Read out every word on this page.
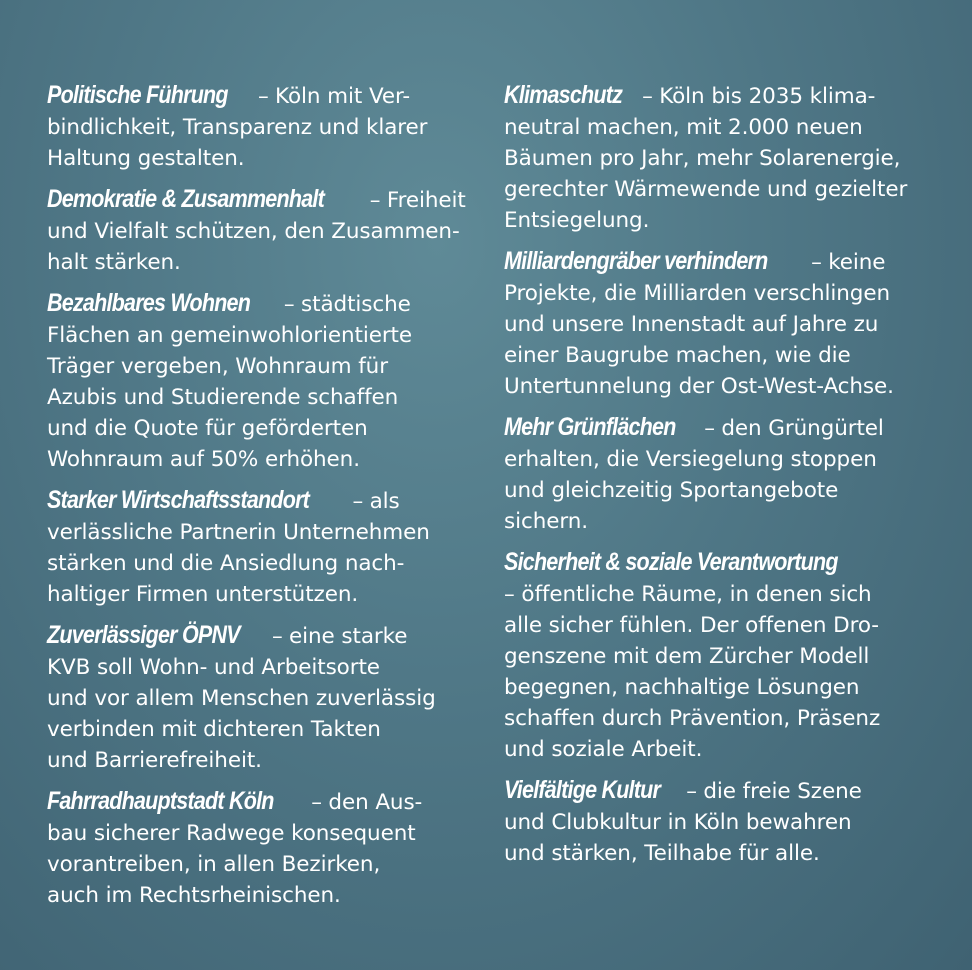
Politische Führung – Köln mit Ver-
bindlichkeit, Transparenz und klarer
Haltung gestalten.
Demokratie & Zusammenhalt – Freiheit
und Vielfalt schützen, den Zusammen-
halt stärken.
Bezahlbares Wohnen – städtische
Flächen an gemeinwohlorientierte
Träger vergeben, Wohnraum für
Azubis und Studierende schaffen
und die Quote für geförderten
Wohnraum auf 50% erhöhen.
Starker Wirtschaftsstandort – als
verlässliche Partnerin Unternehmen
stärken und die Ansiedlung nach-
haltiger Firmen unterstützen.
Zuverlässiger ÖPNV – eine starke
KVB soll Wohn- und Arbeitsorte
und vor allem Menschen zuverlässig
verbinden mit dichteren Takten
und Barrierefreiheit.
Fahrradhauptstadt Köln – den Aus-
bau sicherer Radwege konsequent
vorantreiben, in allen Bezirken,
auch im Rechtsrheinischen.
Klimaschutz – Köln bis 2035 klima-
neutral machen, mit 2.000 neuen
Bäumen pro Jahr, mehr Solarenergie,
gerechter Wärmewende und gezielter
Entsiegelung.
Milliardengräber verhindern – keine
Projekte, die Milliarden verschlingen
und unsere Innenstadt auf Jahre zu
einer Baugrube machen, wie die
Untertunnelung der Ost-West-Achse.
Mehr Grünflächen – den Grüngürtel
erhalten, die Versiegelung stoppen
und gleichzeitig Sportangebote
sichern.
Sicherheit & soziale Verantwortung
– öffentliche Räume, in denen sich
alle sicher fühlen. Der offenen Dro-
genszene mit dem Zürcher Modell
begegnen, nachhaltige Lösungen
schaffen durch Prävention, Präsenz
und soziale Arbeit.
Vielfältige Kultur – die freie Szene
und Clubkultur in Köln bewahren
und stärken, Teilhabe für alle.
